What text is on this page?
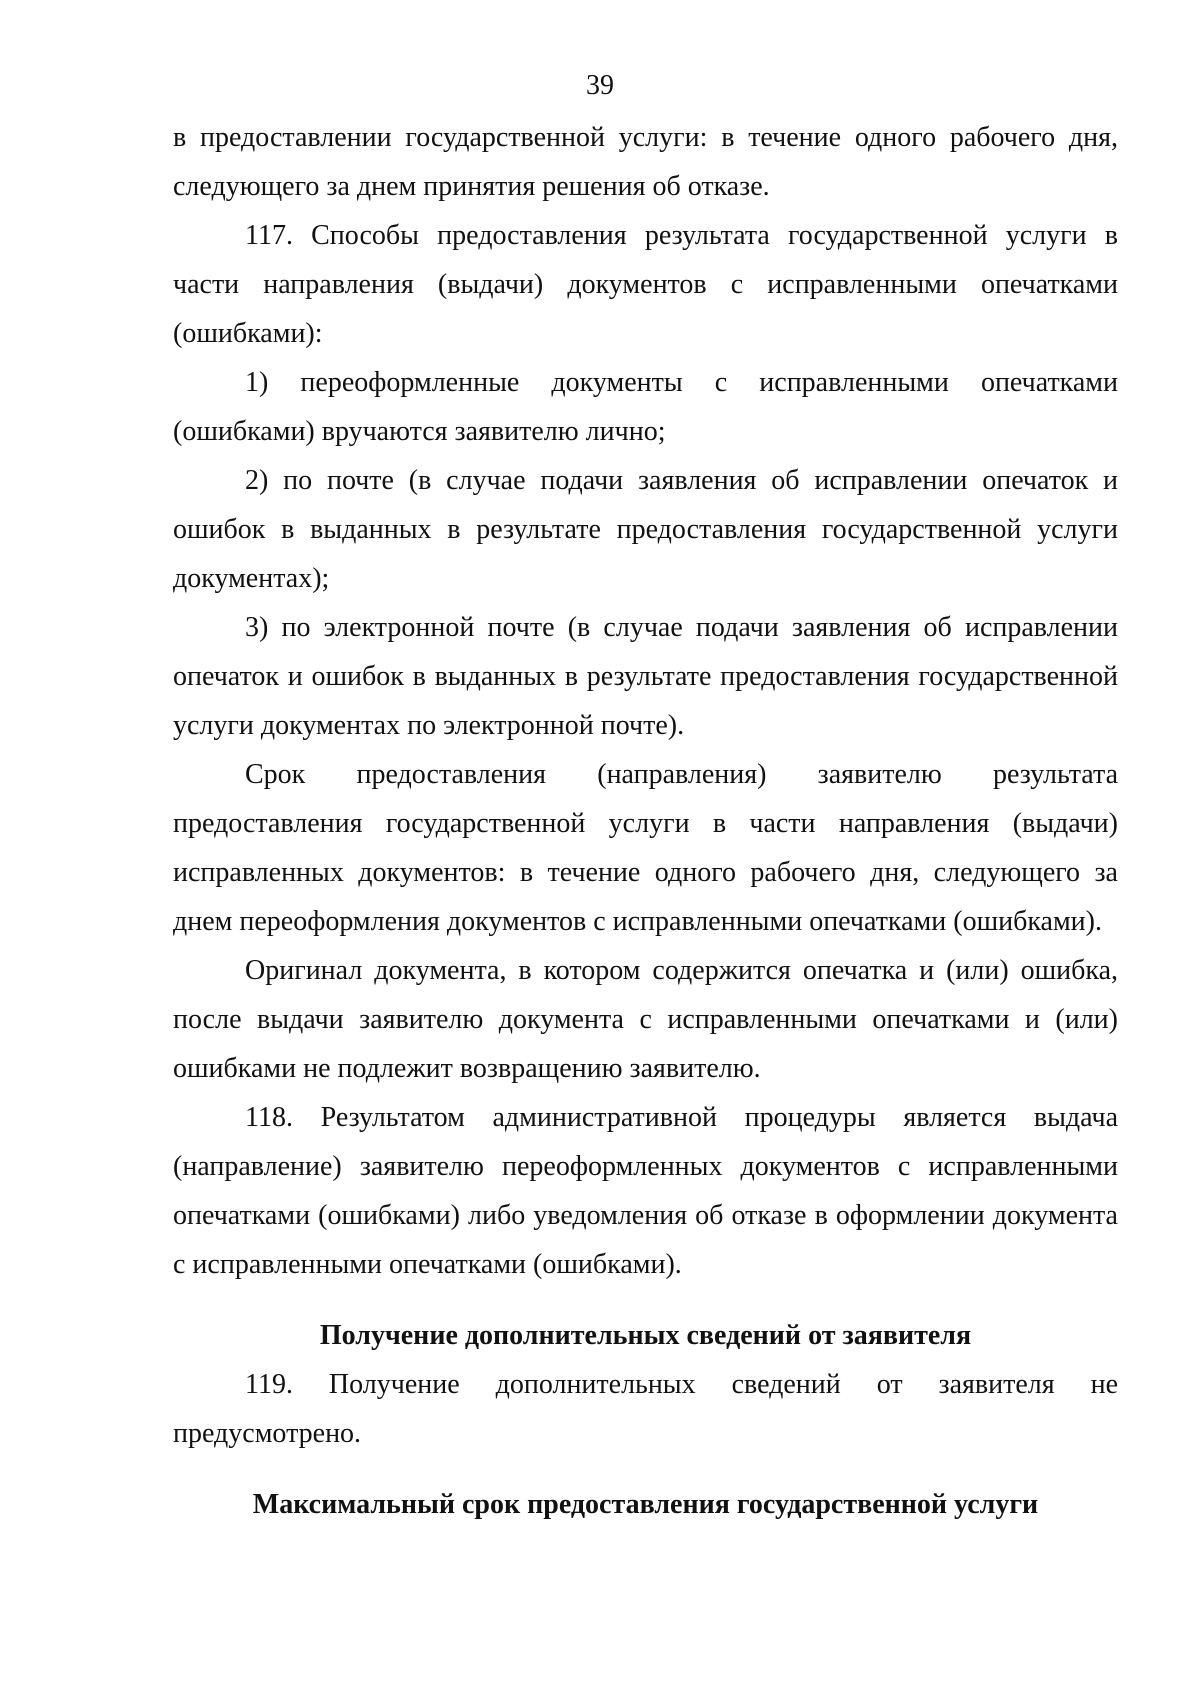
39

в предоставлении государственной услуги: в течение одного рабочего дня, следующего за днем принятия решения об отказе.

117. Способы предоставления результата государственной услуги в части направления (выдачи) документов с исправленными опечатками (ошибками):

1) переоформленные документы с исправленными опечатками (ошибками) вручаются заявителю лично;

2) по почте (в случае подачи заявления об исправлении опечаток и ошибок в выданных в результате предоставления государственной услуги документах);

3) по электронной почте (в случае подачи заявления об исправлении опечаток и ошибок в выданных в результате предоставления государственной услуги документах по электронной почте).

Срок предоставления (направления) заявителю результата предоставления государственной услуги в части направления (выдачи) исправленных документов: в течение одного рабочего дня, следующего за днем переоформления документов с исправленными опечатками (ошибками).

Оригинал документа, в котором содержится опечатка и (или) ошибка, после выдачи заявителю документа с исправленными опечатками и (или) ошибками не подлежит возвращению заявителю.

118. Результатом административной процедуры является выдача (направление) заявителю переоформленных документов с исправленными опечатками (ошибками) либо уведомления об отказе в оформлении документа с исправленными опечатками (ошибками).

Получение дополнительных сведений от заявителя

119. Получение дополнительных сведений от заявителя не предусмотрено.

Максимальный срок предоставления государственной услуги
